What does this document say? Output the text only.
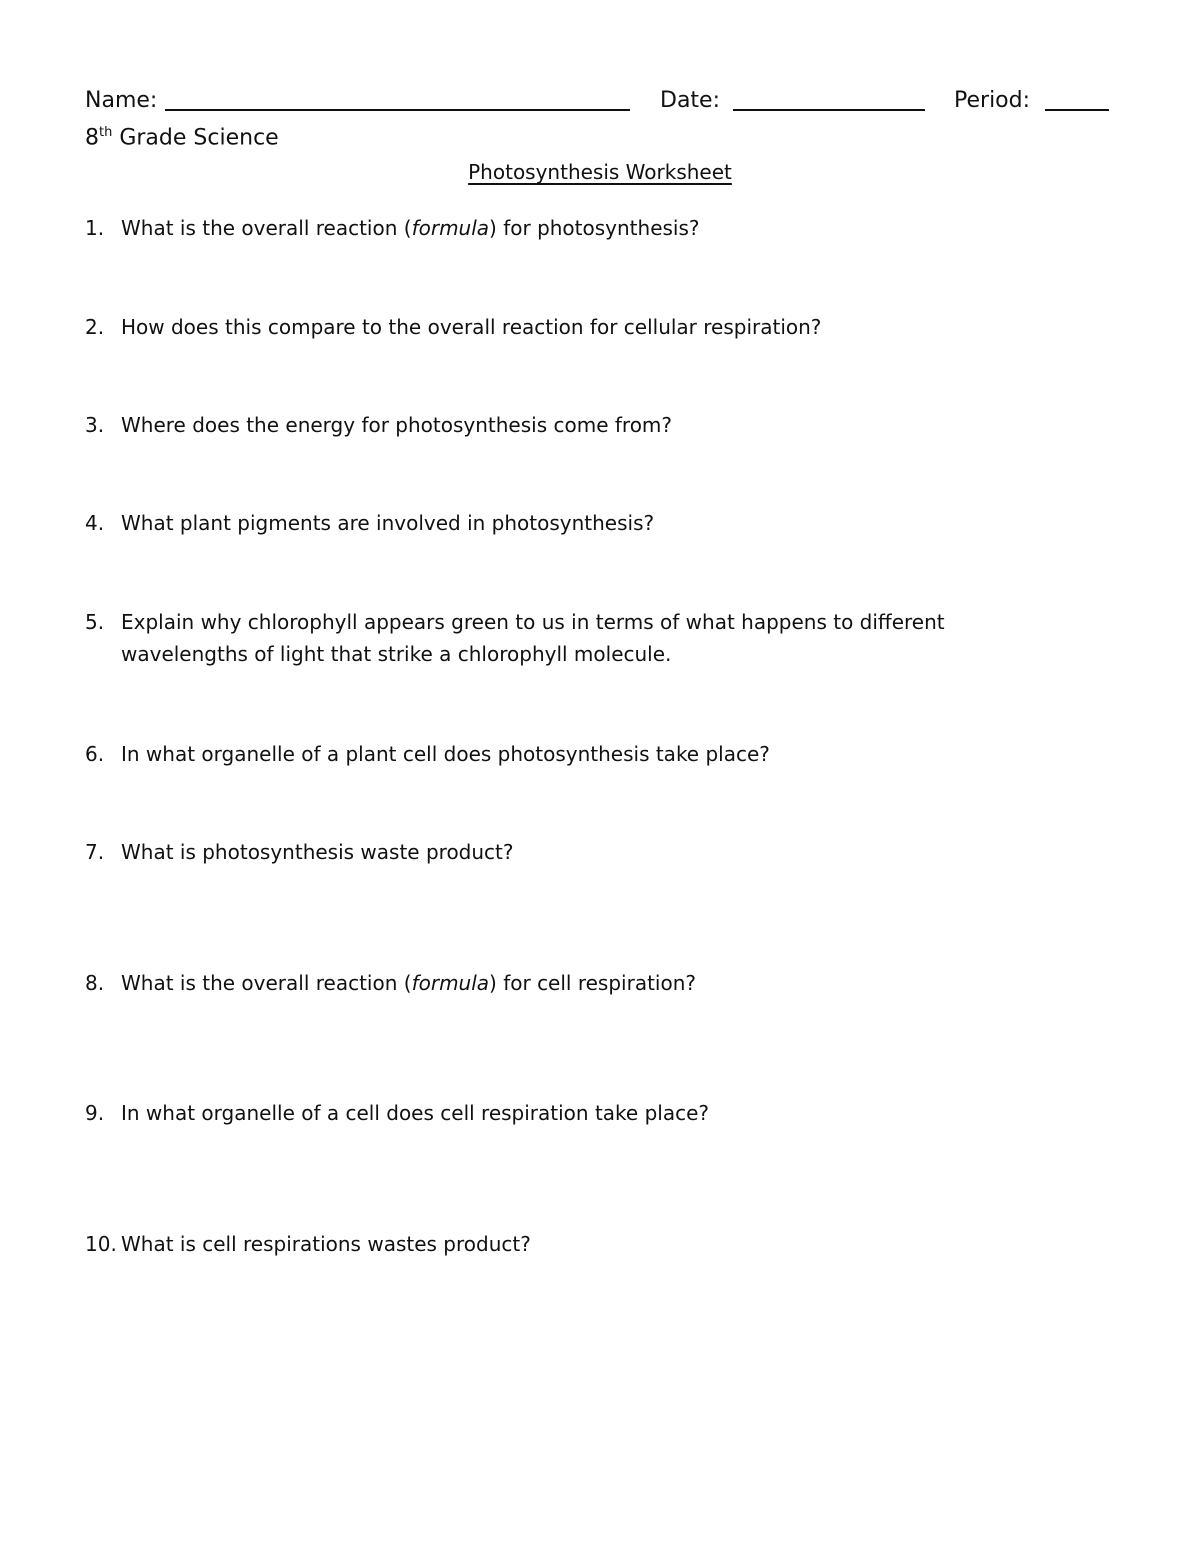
Name:	Date:	Period:
8th Grade Science
Photosynthesis Worksheet
1. What is the overall reaction (formula) for photosynthesis?
2. How does this compare to the overall reaction for cellular respiration?
3. Where does the energy for photosynthesis come from?
4. What plant pigments are involved in photosynthesis?
5. Explain why chlorophyll appears green to us in terms of what happens to different wavelengths of light that strike a chlorophyll molecule.
6. In what organelle of a plant cell does photosynthesis take place?
7. What is photosynthesis waste product?
8. What is the overall reaction (formula) for cell respiration?
9. In what organelle of a cell does cell respiration take place?
10. What is cell respirations wastes product?
